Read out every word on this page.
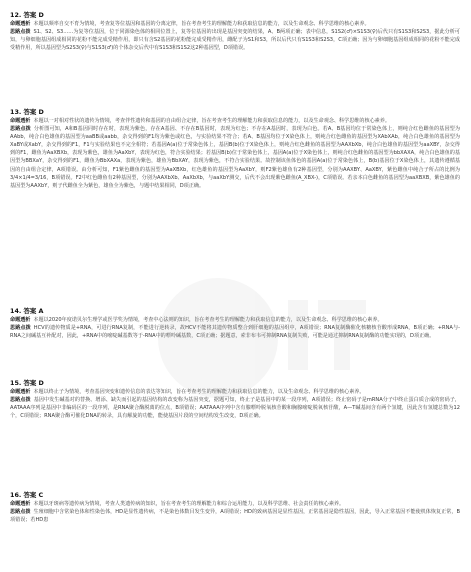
12. 答案 D
命题透析 本题以频率自交不育为情境，考查复等位基因和基因的分离定律，旨在考查考生的理解能力和获取信息的能力，以及生命观念、科学思维的核心素养。
思路点拨 S1、S2、S3……为复等位基因，位于同源染色体的相同位置上，复等位基因的出现是基因突变的结果，A、B两项正确；表中信息，S1S2(♂)×S1S3(♀)后代只有S1S3和S2S3，据此分析可知，与卵细胞基因组成相同的花粉不能完成受精作用，即只有含S2基因的花粉能完成受精作用，雌配子为S1和S3，所以后代只有S1S3和S2S3，C项正确；因为与卵细胞基因组成相同的花粉不能完成受精作用，所以基因型为S2S3(♀)与S1S3(♂)的个体杂交后代中有S1S3和S1S2这2种基因型，D项错误。
13. 答案 D
命题透析 本题以一对相对性状的遗传为情境，考查伴性遗传和基因的自由组合定律，旨在考查考生的理解能力和获取信息的能力，以及生命观念、科学思维的核心素养。
思路点拨 分析图可知，A和B基因同时存在时，表现为紫色，存在A基因、不存在B基因时，表现为红色；不存在A基因时，表现为白色。若A、B基因均位于常染色体上，则纯合红色雌鱼的基因型为AAbb，纯合白色雄鱼的基因型为aaBB或aabb，杂交得到的F1均为紫色或红色，与实验结果不符合；若A、B基因均位于X染色体上，则纯合红色雌鱼的基因型为XAbXAb，纯合白色雄鱼的基因型为XaBY或XabY，杂交得到的F1，F1与实验结果也不完全相符；若基因A(a)位于常染色体上，基因B(b)位于X染色体上，则纯合红色雌鱼的基因型为AAXbXb，纯合白色雄鱼的基因型为aaXBY，杂交得到的F1，雌鱼为AaXBXb，表现为紫色，雄鱼为AaXbY，表现为红色，符合实验结果；若基因B(b)位于常染色体上，基因A(a)位于X染色体上，则纯合红色雌鱼的基因型为bbXAXA，纯合白色雄鱼的基因型为BBXaY，杂交得到的F1，雌鱼为BbXAXa，表现为紫色，雄鱼为BbXAY，表现为紫色，不符合实验结果。故控制该鱼体色的基因A(a)位于常染色体上，B(b)基因位于X染色体上，其遗传遵循基因的自由组合定律，A项错误。由分析可知，F1紫色雌鱼的基因型为AaXBXb，红色雄鱼的基因型为AaXbY，则F2紫色雄鱼有2种基因型，分别为AAXBY、AaXBY，紫色雌鱼中纯合子所占的比例为3/4×1/4=3/16，B项错误。F2中红色雌鱼有2种基因型，分别为AAXbXb、AaXbXb，与aaXbY测交，后代不会出现紫色雌鱼(A_XBX-)，C项错误。若亲本白色雌鱼的基因型为aaXBXB，紫色雄鱼的基因型为AAXbY，则子代雌鱼全为紫色，雄鱼全为紫色，与题中结果相同，D项正确。
14. 答案 A
命题透析 本题以2020年度诺贝尔生理学或医学奖为情境，考查中心法则的知识，旨在考查考生的理解能力和获取信息的能力，以及生命观念、科学思维的核心素养。
思路点拨 HCV的遗传物质是+RNA，可进行RNA复制，不能进行逆转录，故HCV不能将其遗传物质整合到肝细胞的基因组中，A项错误；RNA复制酶催化核糖核苷酸形成RNA，B项正确；+RNA与-RNA之间碱基互补配对，因此，+RNA中的嘧啶碱基数等于-RNA中的嘌呤碱基数，C项正确；据题意，索非布韦可抑制RNA复制失败，可能是通过抑制RNA复制酶的功能实现的，D项正确。
15. 答案 D
命题透析 本题以终止子为情境，考查基因突变和遗传信息的表达等知识，旨在考查考生的理解能力和获取信息的能力，以及生命观念、科学思维的核心素养。
思路点拨 基因中发生碱基对的替换、增添、缺失而引起的基因结构的改变称为基因突变，据题可知，终止子是基因中的某一段序列，A项错误；终止密码子是mRNA分子中终止蛋白质合成的密码子，AATAAA序列是基因中非编码区的一段序列，是RNA聚合酶脱离的位点，B项错误；AATAAA序列中含有腺嘌呤脱氧核苷酸和胸腺嘧啶脱氧核苷酸，A—T碱基间含有两个氢键，因此含有氢键总数为12个，C项错误；RNA聚合酶可催化DNA的转录，具有解旋的功能，能使基因片段的空间结构发生改变，D项正确。
16. 答案 C
命题透析 本题以牙斑病等遗传病为情境，考查人类遗传病的知识，旨在考查考生的理解能力和综合运用能力，以及科学思维、社会责任的核心素养。
思路点拨 生殖细胞中含常染色体和性染色体，HD是显性遗传病，不是染色体数目发生变异，A项错误；HD的致病基因是显性基因，正常基因是隐性基因，因此，导入正常基因不能使机体恢复正常，B项错误；若HD患
